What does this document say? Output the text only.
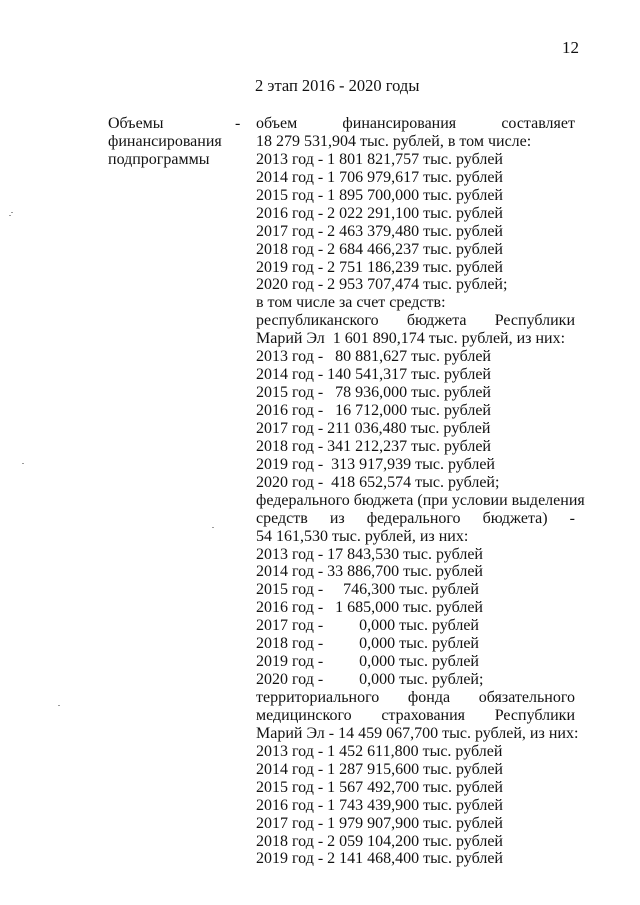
12
2 этап 2016 - 2020 годы
Объемы
финансирования
подпрограммы
- объем	финансирования	составляет
18 279 531,904 тыс. рублей, в том числе:
2013 год - 1 801 821,757 тыс. рублей
2014 год - 1 706 979,617 тыс. рублей
2015 год - 1 895 700,000 тыс. рублей
2016 год - 2 022 291,100 тыс. рублей
2017 год - 2 463 379,480 тыс. рублей
2018 год - 2 684 466,237 тыс. рублей
2019 год - 2 751 186,239 тыс. рублей
2020 год - 2 953 707,474 тыс. рублей;
в том числе за счет средств:
республиканского бюджета Республики
Марий Эл  1 601 890,174 тыс. рублей, из них:
2013 год -   80 881,627 тыс. рублей
2014 год - 140 541,317 тыс. рублей
2015 год -   78 936,000 тыс. рублей
2016 год -   16 712,000 тыс. рублей
2017 год - 211 036,480 тыс. рублей
2018 год - 341 212,237 тыс. рублей
2019 год -  313 917,939 тыс. рублей
2020 год -  418 652,574 тыс. рублей;
федерального бюджета (при условии выделения
средств из федерального бюджета) -
54 161,530 тыс. рублей, из них:
2013 год - 17 843,530 тыс. рублей
2014 год - 33 886,700 тыс. рублей
2015 год -     746,300 тыс. рублей
2016 год -   1 685,000 тыс. рублей
2017 год -         0,000 тыс. рублей
2018 год -         0,000 тыс. рублей
2019 год -         0,000 тыс. рублей
2020 год -         0,000 тыс. рублей;
территориального фонда обязательного
медицинского страхования Республики
Марий Эл - 14 459 067,700 тыс. рублей, из них:
2013 год - 1 452 611,800 тыс. рублей
2014 год - 1 287 915,600 тыс. рублей
2015 год - 1 567 492,700 тыс. рублей
2016 год - 1 743 439,900 тыс. рублей
2017 год - 1 979 907,900 тыс. рублей
2018 год - 2 059 104,200 тыс. рублей
2019 год - 2 141 468,400 тыс. рублей
